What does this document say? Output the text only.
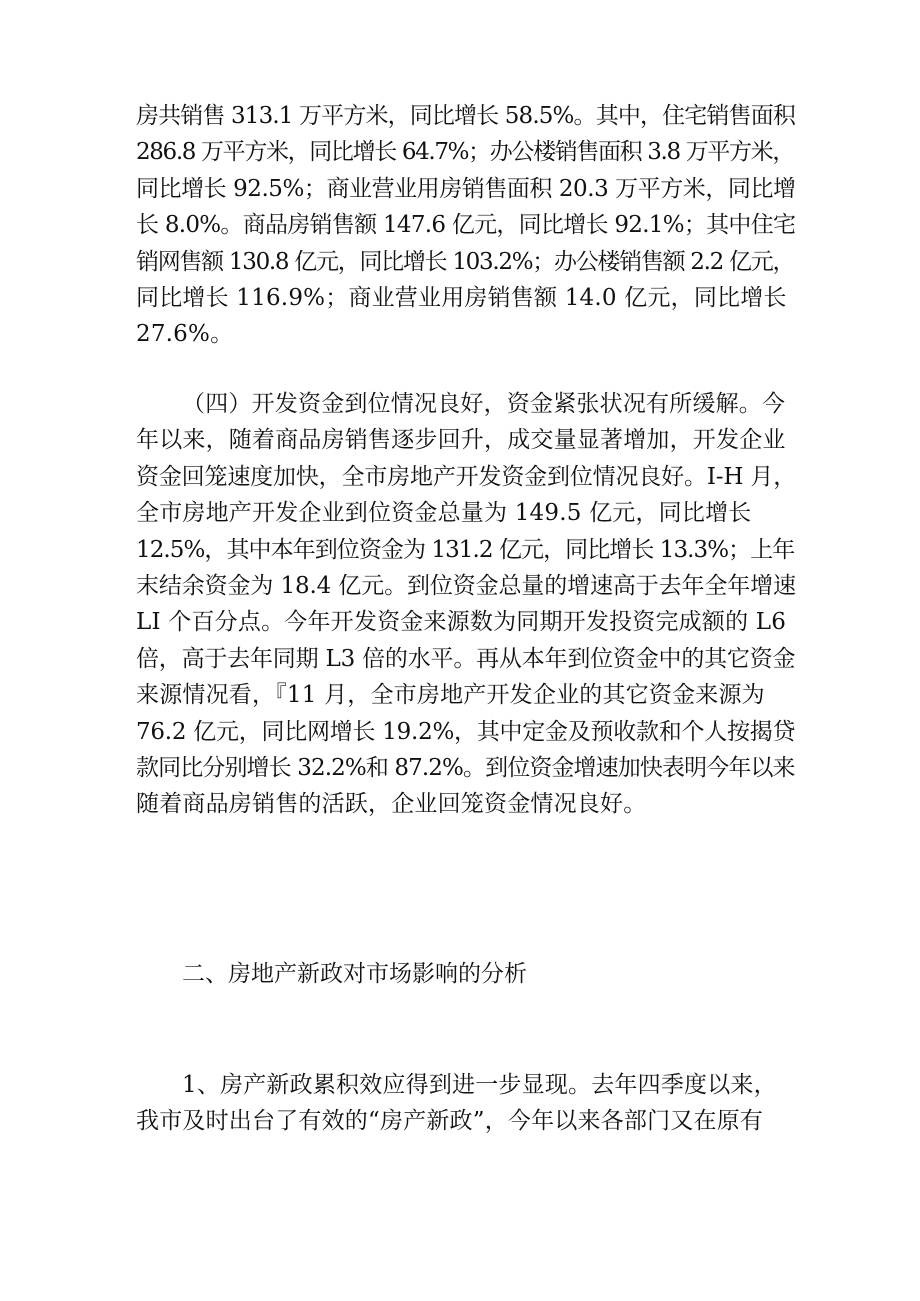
房共销售 313.1 万平方米，同比增长 58.5%。其中，住宅销售面积
286.8 万平方米，同比增长 64.7%；办公楼销售面积 3.8 万平方米，
同比增长 92.5%；商业营业用房销售面积 20.3 万平方米，同比增
长 8.0%。商品房销售额 147.6 亿元，同比增长 92.1%；其中住宅
销网售额 130.8 亿元，同比增长 103.2%；办公楼销售额 2.2 亿元，
同比增长 116.9%；商业营业用房销售额 14.0 亿元，同比增长
27.6%。

（四）开发资金到位情况良好，资金紧张状况有所缓解。今
年以来，随着商品房销售逐步回升，成交量显著增加，开发企业
资金回笼速度加快，全市房地产开发资金到位情况良好。I-H 月，
全市房地产开发企业到位资金总量为 149.5 亿元，同比增长
12.5%，其中本年到位资金为 131.2 亿元，同比增长 13.3%；上年
末结余资金为 18.4 亿元。到位资金总量的增速高于去年全年增速
LI 个百分点。今年开发资金来源数为同期开发投资完成额的 L6
倍，高于去年同期 L3 倍的水平。再从本年到位资金中的其它资金
来源情况看，『11 月，全市房地产开发企业的其它资金来源为
76.2 亿元，同比网增长 19.2%，其中定金及预收款和个人按揭贷
款同比分别增长 32.2%和 87.2%。到位资金增速加快表明今年以来
随着商品房销售的活跃，企业回笼资金情况良好。

二、房地产新政对市场影响的分析

1、房产新政累积效应得到进一步显现。去年四季度以来，
我市及时出台了有效的“房产新政”，今年以来各部门又在原有
